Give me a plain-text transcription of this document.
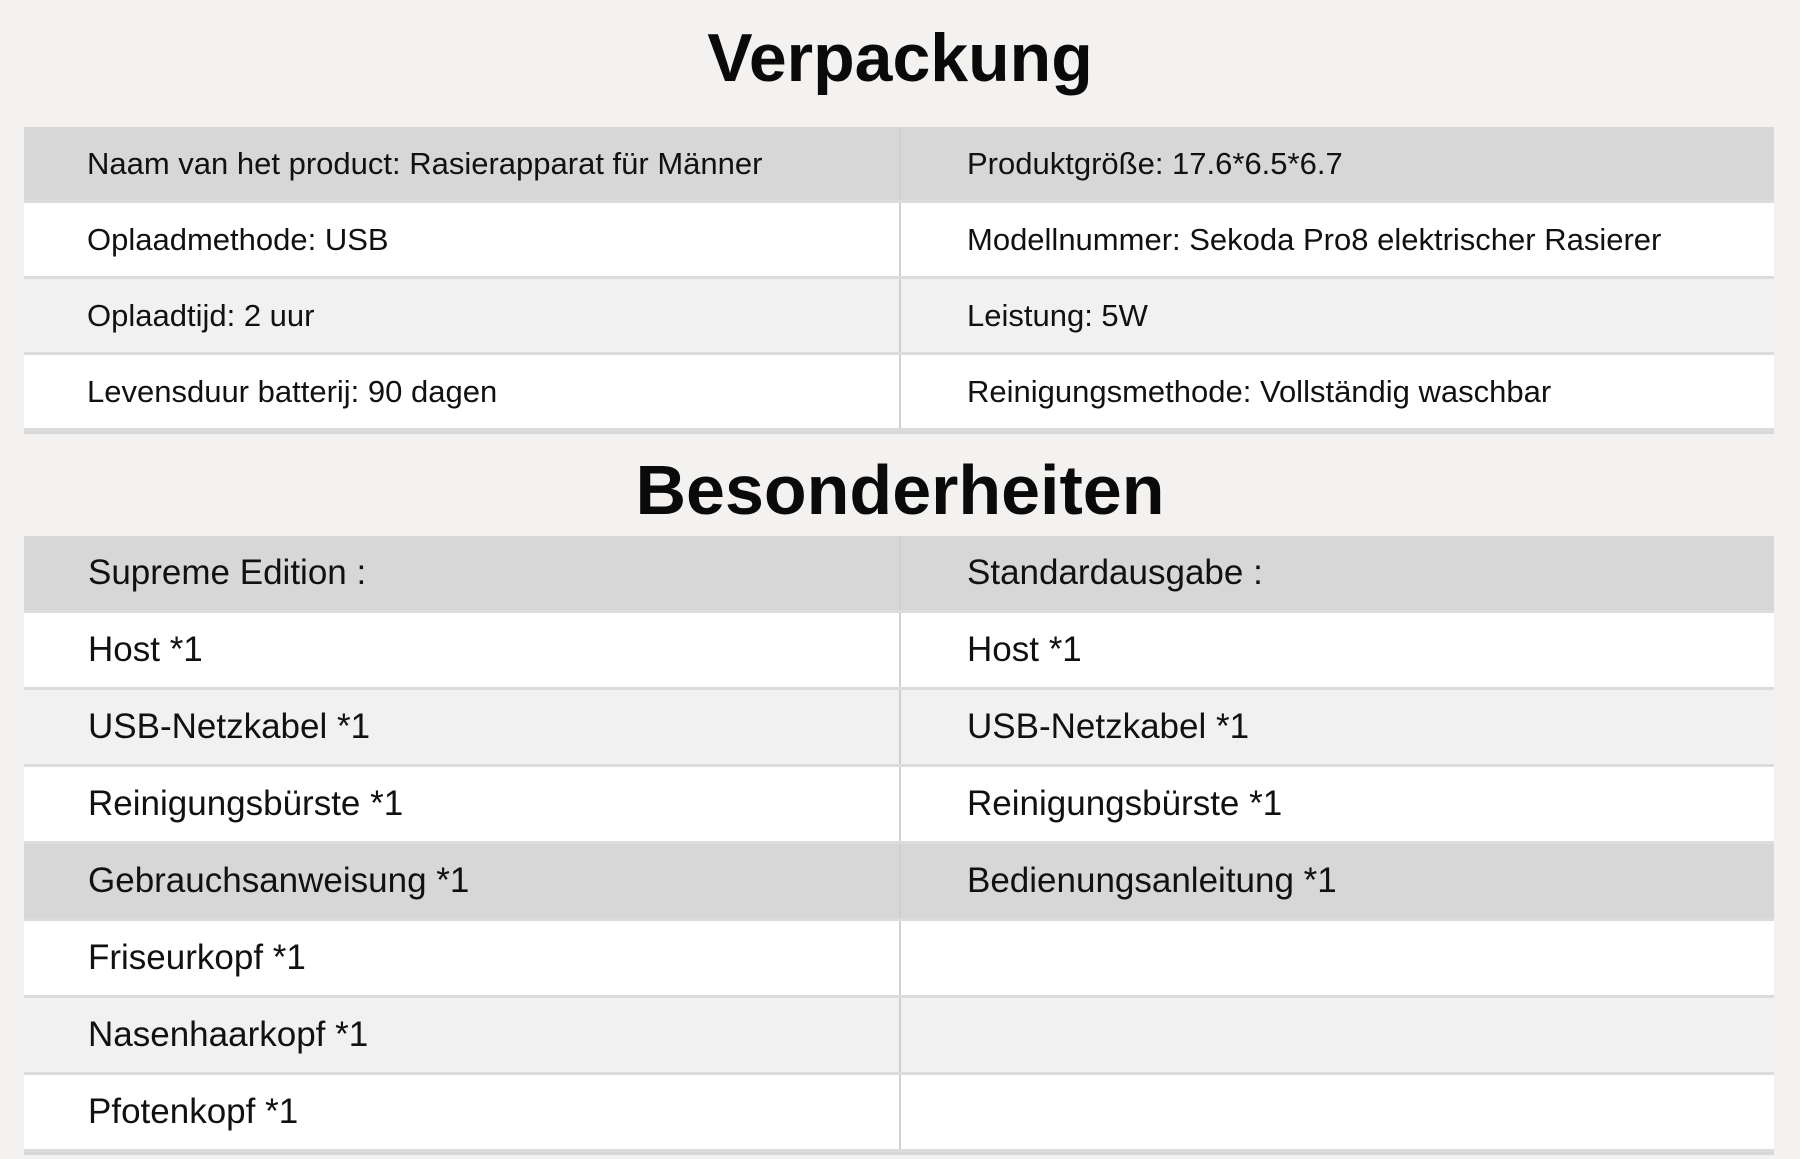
Verpackung
Naam van het product: Rasierapparat für Männer	Produktgröße: 17.6*6.5*6.7
Oplaadmethode: USB	Modellnummer: Sekoda Pro8 elektrischer Rasierer
Oplaadtijd: 2 uur	Leistung: 5W
Levensduur batterij: 90 dagen	Reinigungsmethode: Vollständig waschbar
Besonderheiten
Supreme Edition :	Standardausgabe :
Host *1	Host *1
USB-Netzkabel *1	USB-Netzkabel *1
Reinigungsbürste *1	Reinigungsbürste *1
Gebrauchsanweisung *1	Bedienungsanleitung *1
Friseurkopf *1
Nasenhaarkopf *1
Pfotenkopf *1
